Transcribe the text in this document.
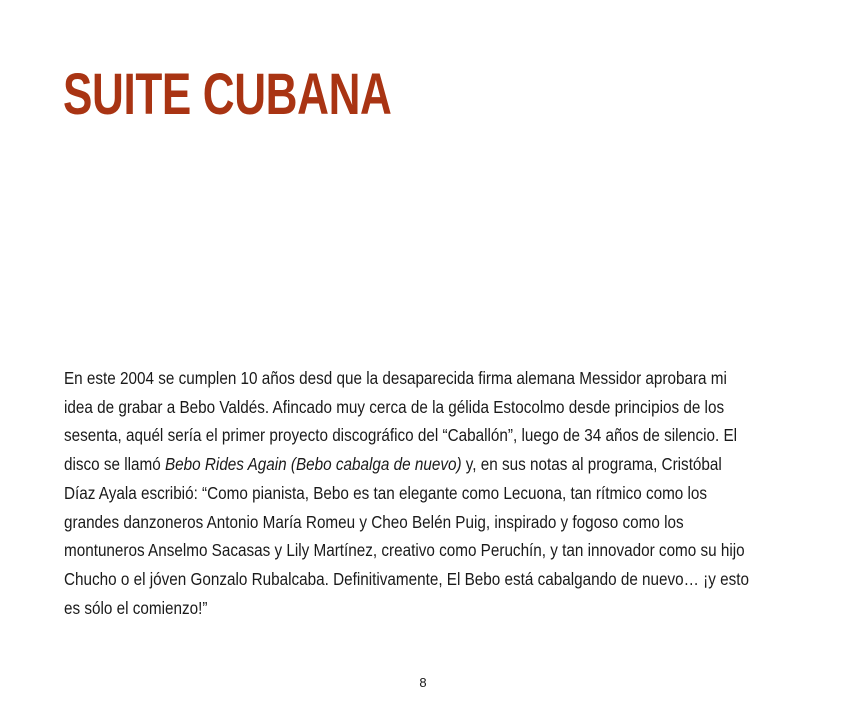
SUITE CUBANA

En este 2004 se cumplen 10 años desd que la desaparecida firma alemana Messidor aprobara mi
idea de grabar a Bebo Valdés. Afincado muy cerca de la gélida Estocolmo desde principios de los
sesenta, aquél sería el primer proyecto discográfico del “Caballón”, luego de 34 años de silencio. El
disco se llamó Bebo Rides Again (Bebo cabalga de nuevo) y, en sus notas al programa, Cristóbal
Díaz Ayala escribió: “Como pianista, Bebo es tan elegante como Lecuona, tan rítmico como los
grandes danzoneros Antonio María Romeu y Cheo Belén Puig, inspirado y fogoso como los
montuneros Anselmo Sacasas y Lily Martínez, creativo como Peruchín, y tan innovador como su hijo
Chucho o el jóven Gonzalo Rubalcaba. Definitivamente, El Bebo está cabalgando de nuevo… ¡y esto
es sólo el comienzo!”

8
